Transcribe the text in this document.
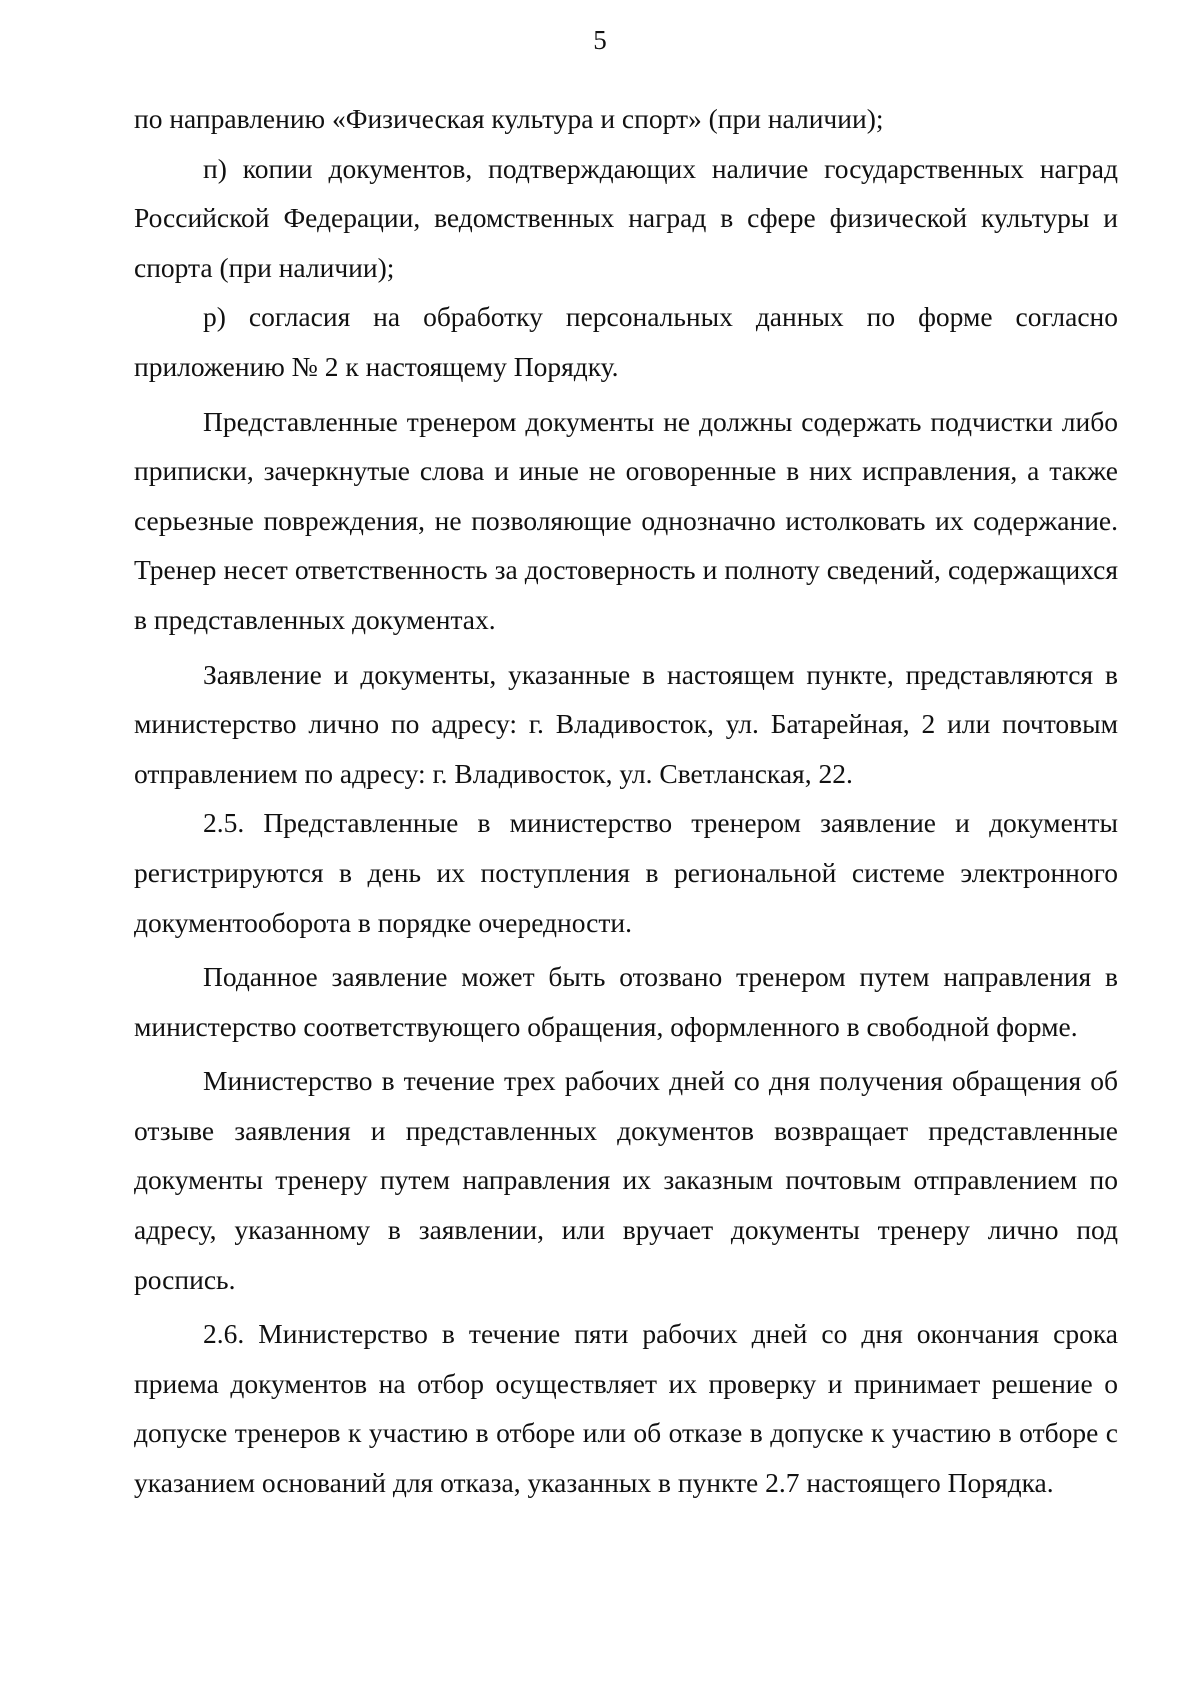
5

по направлению «Физическая культура и спорт» (при наличии);

п) копии документов, подтверждающих наличие государственных наград Российской Федерации, ведомственных наград в сфере физической культуры и спорта (при наличии);

р) согласия на обработку персональных данных по форме согласно приложению № 2 к настоящему Порядку.

Представленные тренером документы не должны содержать подчистки либо приписки, зачеркнутые слова и иные не оговоренные в них исправления, а также серьезные повреждения, не позволяющие однозначно истолковать их содержание. Тренер несет ответственность за достоверность и полноту сведений, содержащихся в представленных документах.

Заявление и документы, указанные в настоящем пункте, представляются в министерство лично по адресу: г. Владивосток, ул. Батарейная, 2 или почтовым отправлением по адресу: г. Владивосток, ул. Светланская, 22.

2.5. Представленные в министерство тренером заявление и документы регистрируются в день их поступления в региональной системе электронного документооборота в порядке очередности.

Поданное заявление может быть отозвано тренером путем направления в министерство соответствующего обращения, оформленного в свободной форме.

Министерство в течение трех рабочих дней со дня получения обращения об отзыве заявления и представленных документов возвращает представленные документы тренеру путем направления их заказным почтовым отправлением по адресу, указанному в заявлении, или вручает документы тренеру лично под роспись.

2.6. Министерство в течение пяти рабочих дней со дня окончания срока приема документов на отбор осуществляет их проверку и принимает решение о допуске тренеров к участию в отборе или об отказе в допуске к участию в отборе с указанием оснований для отказа, указанных в пункте 2.7 настоящего Порядка.
